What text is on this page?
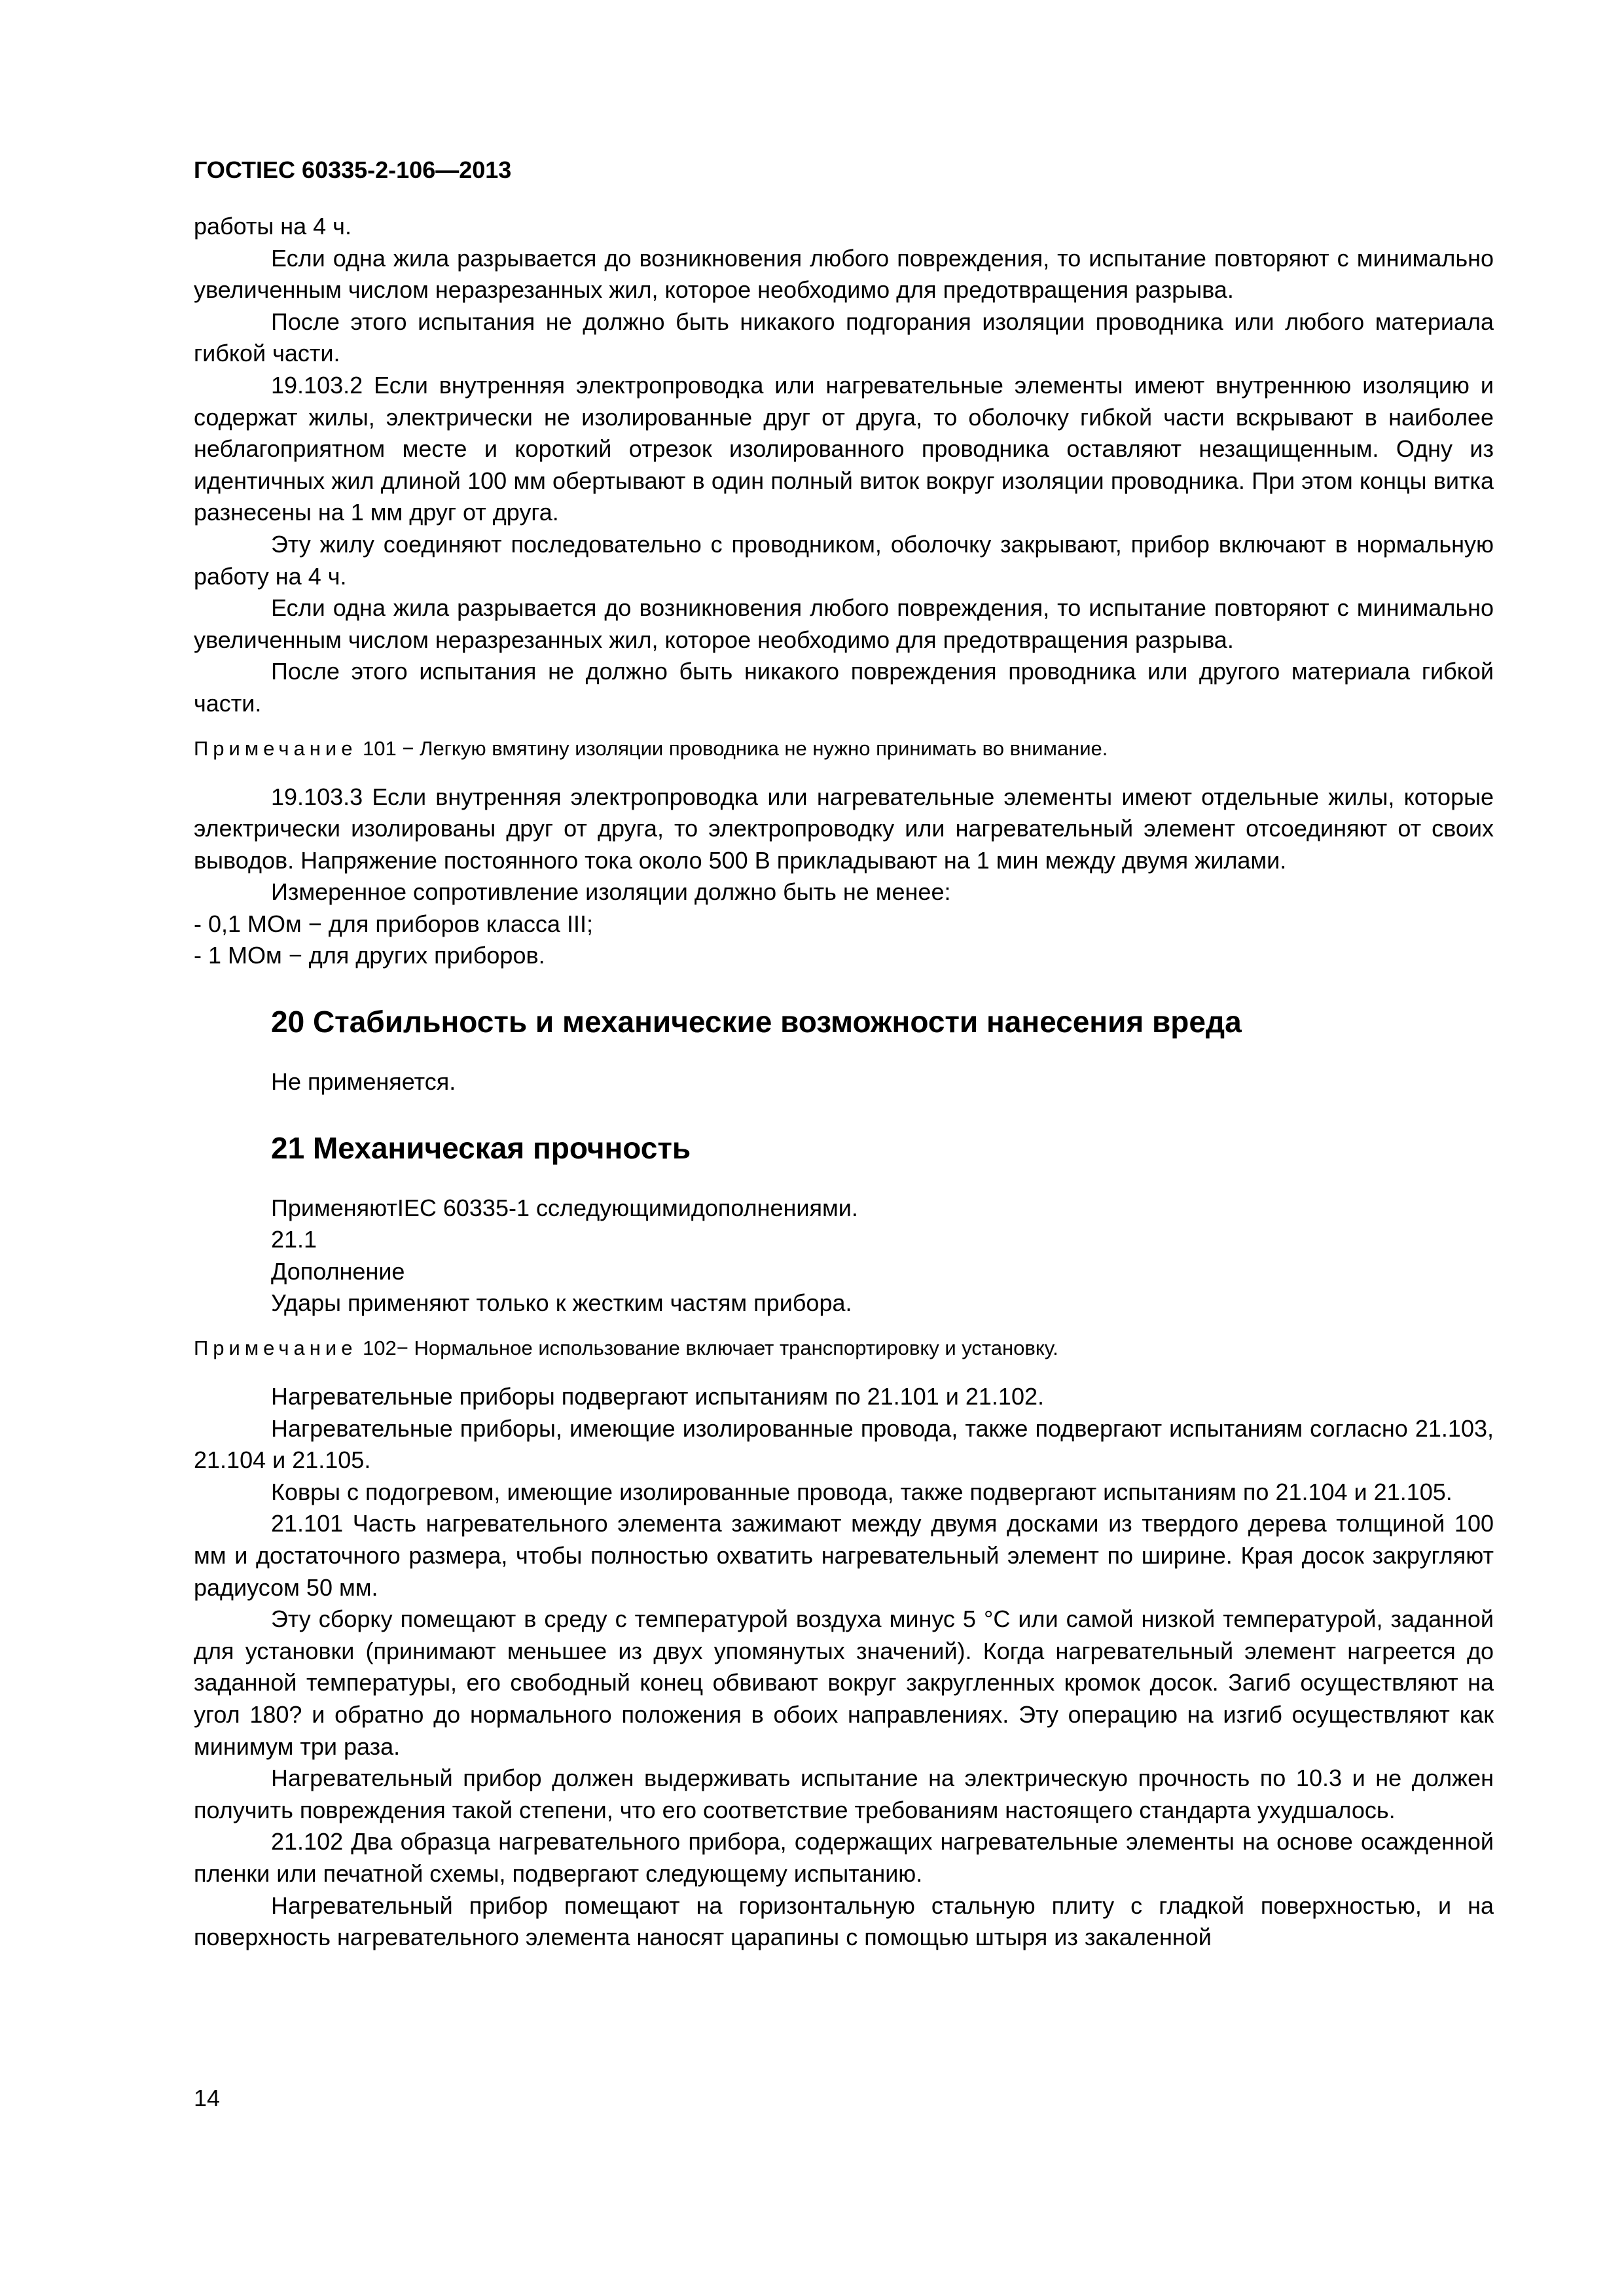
ГОСТIEC 60335-2-106—2013

работы на 4 ч.

Если одна жила разрывается до возникновения любого повреждения, то испытание повторяют с минимально увеличенным числом неразрезанных жил, которое необходимо для предотвращения разрыва.

После этого испытания не должно быть никакого подгорания изоляции проводника или любого материала гибкой части.

19.103.2 Если внутренняя электропроводка или нагревательные элементы имеют внутреннюю изоляцию и содержат жилы, электрически не изолированные друг от друга, то оболочку гибкой части вскрывают в наиболее неблагоприятном месте и короткий отрезок изолированного проводника оставляют незащищенным. Одну из идентичных жил длиной 100 мм обертывают в один полный виток вокруг изоляции проводника. При этом концы витка разнесены на 1 мм друг от друга.

Эту жилу соединяют последовательно с проводником, оболочку закрывают, прибор включают в нормальную работу на 4 ч.

Если одна жила разрывается до возникновения любого повреждения, то испытание повторяют с минимально увеличенным числом неразрезанных жил, которое необходимо для предотвращения разрыва.

После этого испытания не должно быть никакого повреждения проводника или другого материала гибкой части.

Примечание 101 − Легкую вмятину изоляции проводника не нужно принимать во внимание.

19.103.3 Если внутренняя электропроводка или нагревательные элементы имеют отдельные жилы, которые электрически изолированы друг от друга, то электропроводку или нагревательный элемент отсоединяют от своих выводов. Напряжение постоянного тока около 500 В прикладывают на 1 мин между двумя жилами.

Измеренное сопротивление изоляции должно быть не менее:

- 0,1 МОм − для приборов класса III;

- 1 МОм − для других приборов.

20 Стабильность и механические возможности нанесения вреда

Не применяется.

21 Механическая прочность

ПрименяютIEC 60335-1 сследующимидополнениями.

21.1

Дополнение

Удары применяют только к жестким частям прибора.

Примечание 102− Нормальное использование включает транспортировку и установку.

Нагревательные приборы подвергают испытаниям по 21.101 и 21.102.

Нагревательные приборы, имеющие изолированные провода, также подвергают испытаниям согласно 21.103, 21.104 и 21.105.

Ковры с подогревом, имеющие изолированные провода, также подвергают испытаниям по 21.104 и 21.105.

21.101 Часть нагревательного элемента зажимают между двумя досками из твердого дерева толщиной 100 мм и достаточного размера, чтобы полностью охватить нагревательный элемент по ширине. Края досок закругляют радиусом 50 мм.

Эту сборку помещают в среду с температурой воздуха минус 5 °С или самой низкой температурой, заданной для установки (принимают меньшее из двух упомянутых значений). Когда нагревательный элемент нагреется до заданной температуры, его свободный конец обвивают вокруг закругленных кромок досок. Загиб осуществляют на угол 180? и обратно до нормального положения в обоих направлениях. Эту операцию на изгиб осуществляют как минимум три раза.

Нагревательный прибор должен выдерживать испытание на электрическую прочность по 10.3 и не должен получить повреждения такой степени, что его соответствие требованиям настоящего стандарта ухудшалось.

21.102 Два образца нагревательного прибора, содержащих нагревательные элементы на основе осажденной пленки или печатной схемы, подвергают следующему испытанию.

Нагревательный прибор помещают на горизонтальную стальную плиту с гладкой поверхностью, и на поверхность нагревательного элемента наносят царапины с помощью штыря из закаленной

14
